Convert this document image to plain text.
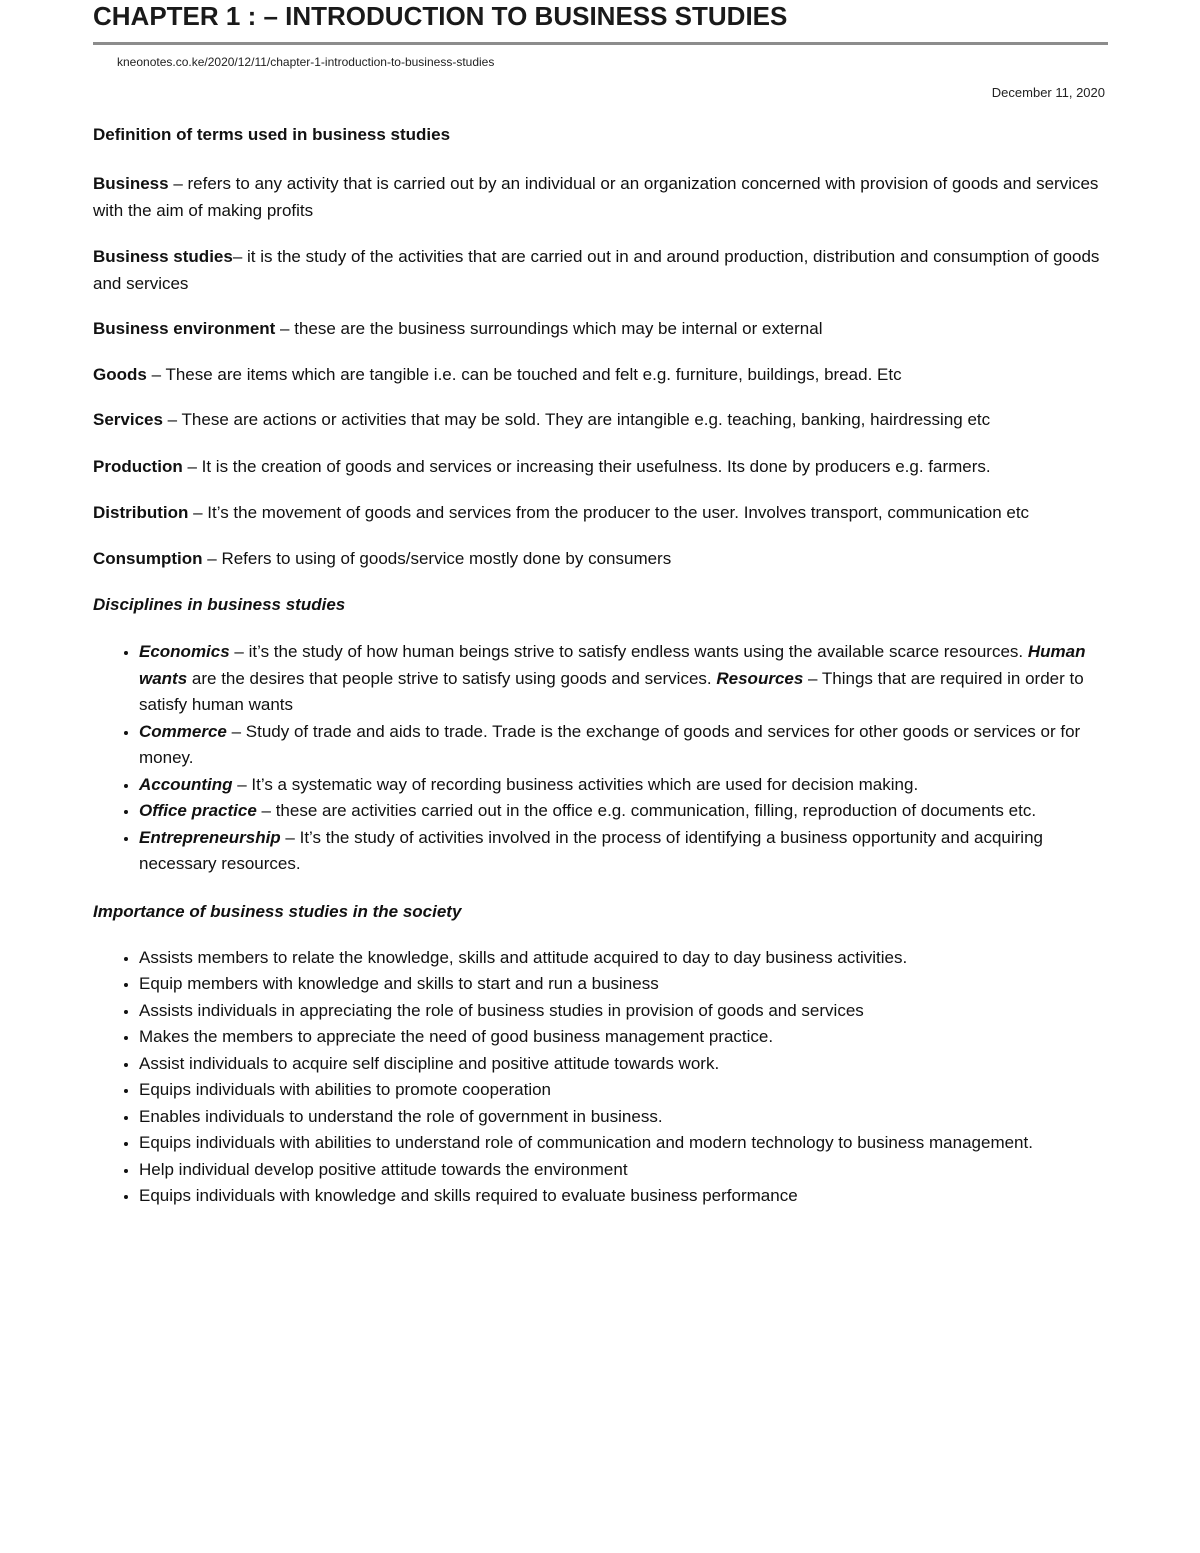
CHAPTER 1 : – INTRODUCTION TO BUSINESS STUDIES
kneonotes.co.ke/2020/12/11/chapter-1-introduction-to-business-studies
December 11, 2020
Definition of terms used in business studies

Business – refers to any activity that is carried out by an individual or an organization concerned with provision of goods and services with the aim of making profits

Business studies– it is the study of the activities that are carried out in and around production, distribution and consumption of goods and services

Business environment – these are the business surroundings which may be internal or external

Goods – These are items which are tangible i.e. can be touched and felt e.g. furniture, buildings, bread. Etc

Services – These are actions or activities that may be sold. They are intangible e.g. teaching, banking, hairdressing etc

Production – It is the creation of goods and services or increasing their usefulness. Its done by producers e.g. farmers.

Distribution – It’s the movement of goods and services from the producer to the user. Involves transport, communication etc

Consumption – Refers to using of goods/service mostly done by consumers

Disciplines in business studies
• Economics – it’s the study of how human beings strive to satisfy endless wants using the available scarce resources. Human wants are the desires that people strive to satisfy using goods and services. Resources – Things that are required in order to satisfy human wants
• Commerce – Study of trade and aids to trade. Trade is the exchange of goods and services for other goods or services or for money.
• Accounting – It’s a systematic way of recording business activities which are used for decision making.
• Office practice – these are activities carried out in the office e.g. communication, filling, reproduction of documents etc.
• Entrepreneurship – It’s the study of activities involved in the process of identifying a business opportunity and acquiring necessary resources.
Importance of business studies in the society
• Assists members to relate the knowledge, skills and attitude acquired to day to day business activities.
• Equip members with knowledge and skills to start and run a business
• Assists individuals in appreciating the role of business studies in provision of goods and services
• Makes the members to appreciate the need of good business management practice.
• Assist individuals to acquire self discipline and positive attitude towards work.
• Equips individuals with abilities to promote cooperation
• Enables individuals to understand the role of government in business.
• Equips individuals with abilities to understand role of communication and modern technology to business management.
• Help individual develop positive attitude towards the environment
• Equips individuals with knowledge and skills required to evaluate business performance
